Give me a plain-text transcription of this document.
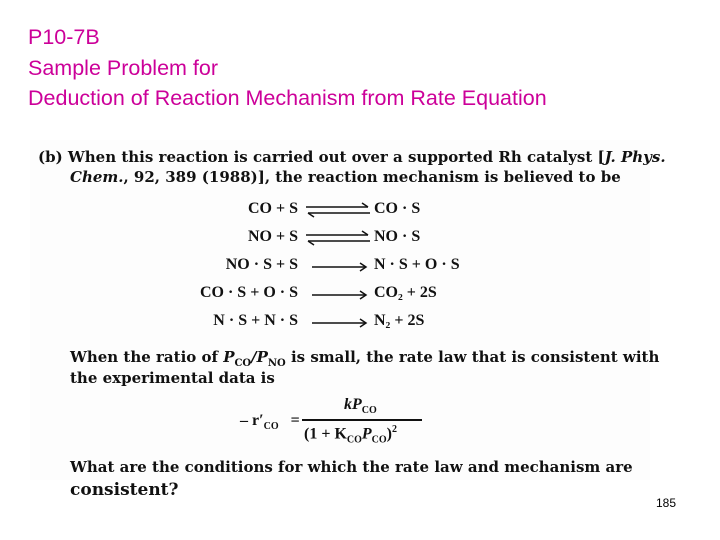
P10-7B
Sample Problem for
Deduction of Reaction Mechanism from Rate Equation
(b) When this reaction is carried out over a supported Rh catalyst [J. Phys.
Chem., 92, 389 (1988)], the reaction mechanism is believed to be
CO + S	CO · S
NO + S	NO · S
NO · S + S	N · S + O · S
CO · S + O · S	CO₂ + 2S
N · S + N · S	N₂ + 2S
When the ratio of $P_{CO}/P_{NO}$ is small, the rate law that is consistent with
the experimental data is
– $r'_{CO}$ =
$kP_{CO}$
$(1 + K_{CO}P_{CO})^2$
What are the conditions for which the rate law and mechanism are
consistent?
185
